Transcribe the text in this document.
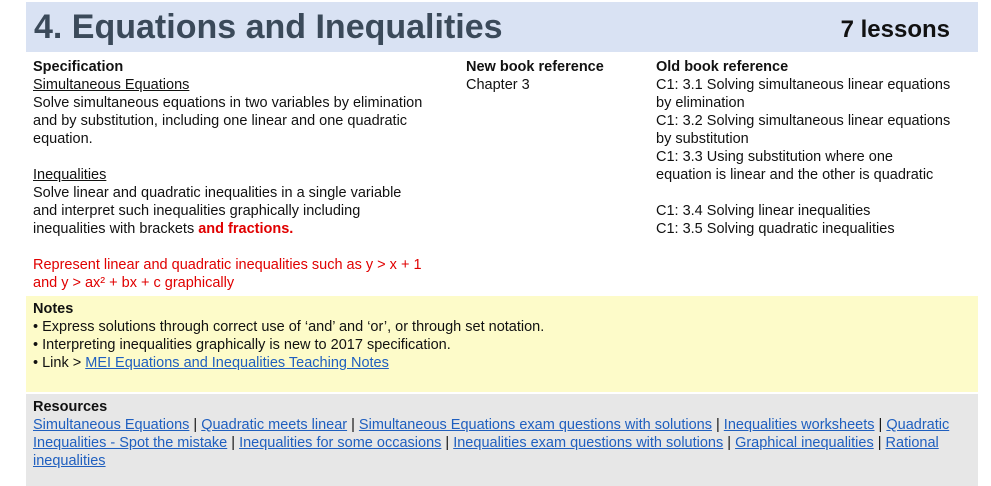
4. Equations and Inequalities	7 lessons
Specification
Simultaneous Equations
Solve simultaneous equations in two variables by elimination
and by substitution, including one linear and one quadratic
equation.
Inequalities
Solve linear and quadratic inequalities in a single variable
and interpret such inequalities graphically including
inequalities with brackets and fractions.
Represent linear and quadratic inequalities such as y > x + 1
and y > ax² + bx + c graphically
New book reference
Chapter 3
Old book reference
C1: 3.1 Solving simultaneous linear equations
by elimination
C1: 3.2 Solving simultaneous linear equations
by substitution
C1: 3.3 Using substitution where one
equation is linear and the other is quadratic
C1: 3.4 Solving linear inequalities
C1: 3.5 Solving quadratic inequalities
Notes
• Express solutions through correct use of ‘and’ and ‘or’, or through set notation.
• Interpreting inequalities graphically is new to 2017 specification.
• Link > MEI Equations and Inequalities Teaching Notes
Resources
Simultaneous Equations | Quadratic meets linear | Simultaneous Equations exam questions with solutions | Inequalities worksheets | Quadratic Inequalities - Spot the mistake | Inequalities for some occasions | Inequalities exam questions with solutions | Graphical inequalities | Rational inequalities
